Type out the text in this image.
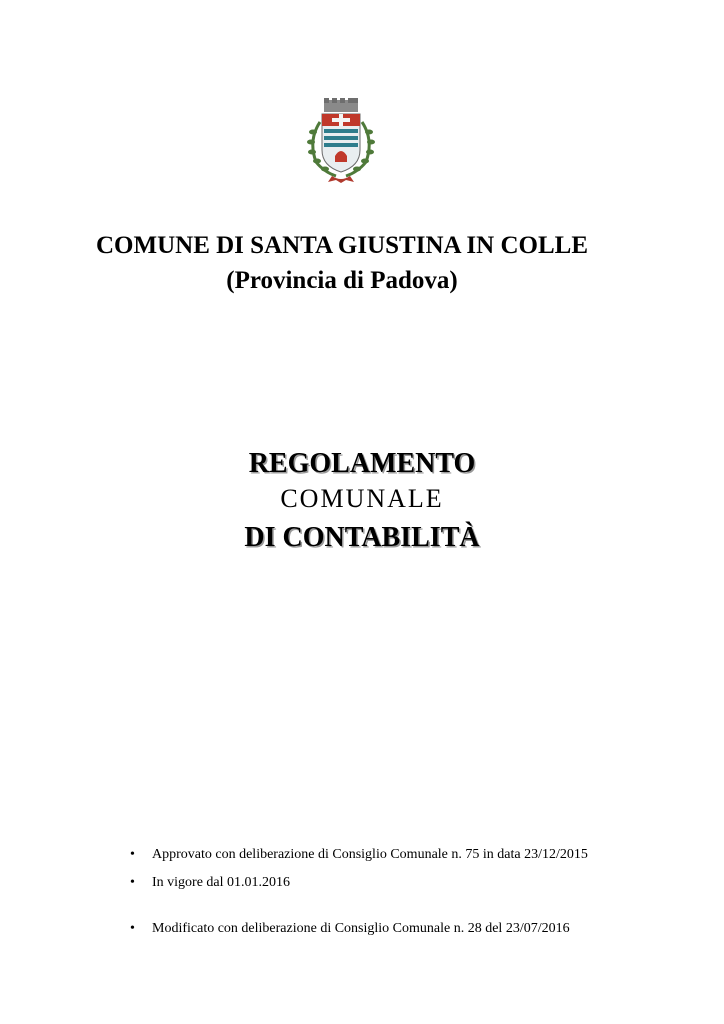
COMUNE DI SANTA GIUSTINA IN COLLE
(Provincia di Padova)
REGOLAMENTO
COMUNALE
DI CONTABILITÀ
• Approvato con deliberazione di Consiglio Comunale n. 75 in data 23/12/2015
• In vigore dal 01.01.2016
• Modificato con deliberazione di Consiglio Comunale n. 28 del 23/07/2016
